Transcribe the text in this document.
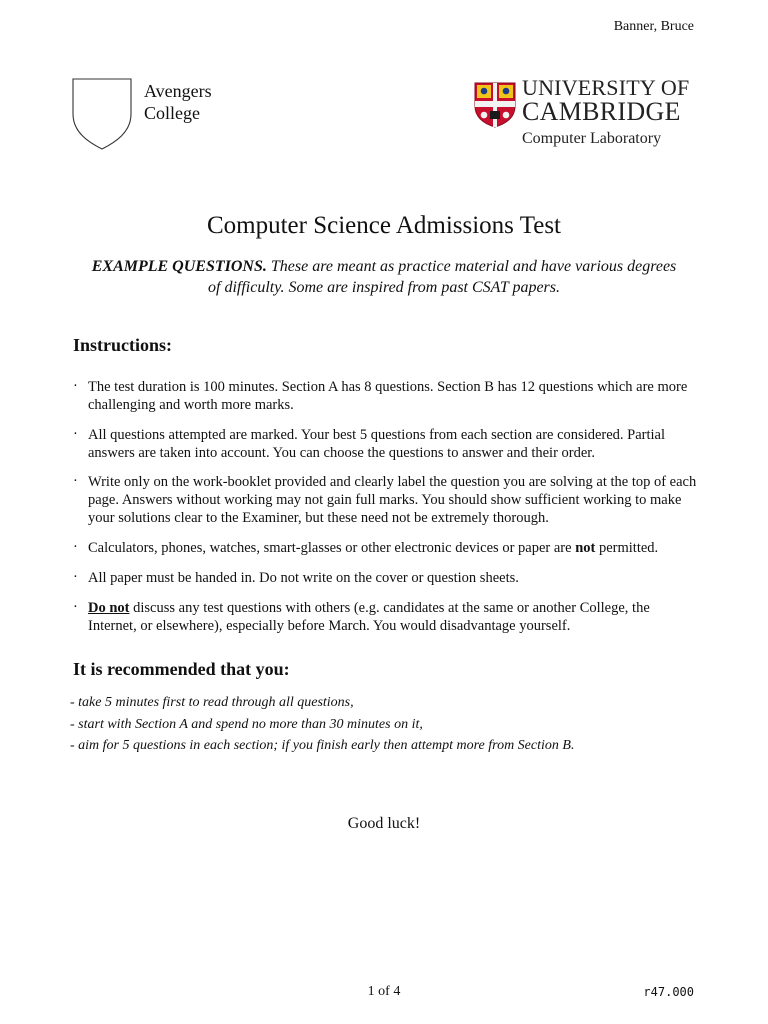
Banner, Bruce
Avengers
College
UNIVERSITY OF
CAMBRIDGE
Computer Laboratory
Computer Science Admissions Test
EXAMPLE QUESTIONS. These are meant as practice material and have various degrees of difficulty. Some are inspired from past CSAT papers.
Instructions:
· The test duration is 100 minutes. Section A has 8 questions. Section B has 12 questions which are more challenging and worth more marks.
· All questions attempted are marked. Your best 5 questions from each section are considered. Partial answers are taken into account. You can choose the questions to answer and their order.
· Write only on the work-booklet provided and clearly label the question you are solving at the top of each page. Answers without working may not gain full marks. You should show sufficient working to make your solutions clear to the Examiner, but these need not be extremely thorough.
· Calculators, phones, watches, smart-glasses or other electronic devices or paper are not permitted.
· All paper must be handed in. Do not write on the cover or question sheets.
· Do not discuss any test questions with others (e.g. candidates at the same or another College, the Internet, or elsewhere), especially before March. You would disadvantage yourself.
It is recommended that you:
- take 5 minutes first to read through all questions,
- start with Section A and spend no more than 30 minutes on it,
- aim for 5 questions in each section; if you finish early then attempt more from Section B.
Good luck!
1 of 4	r47.000
